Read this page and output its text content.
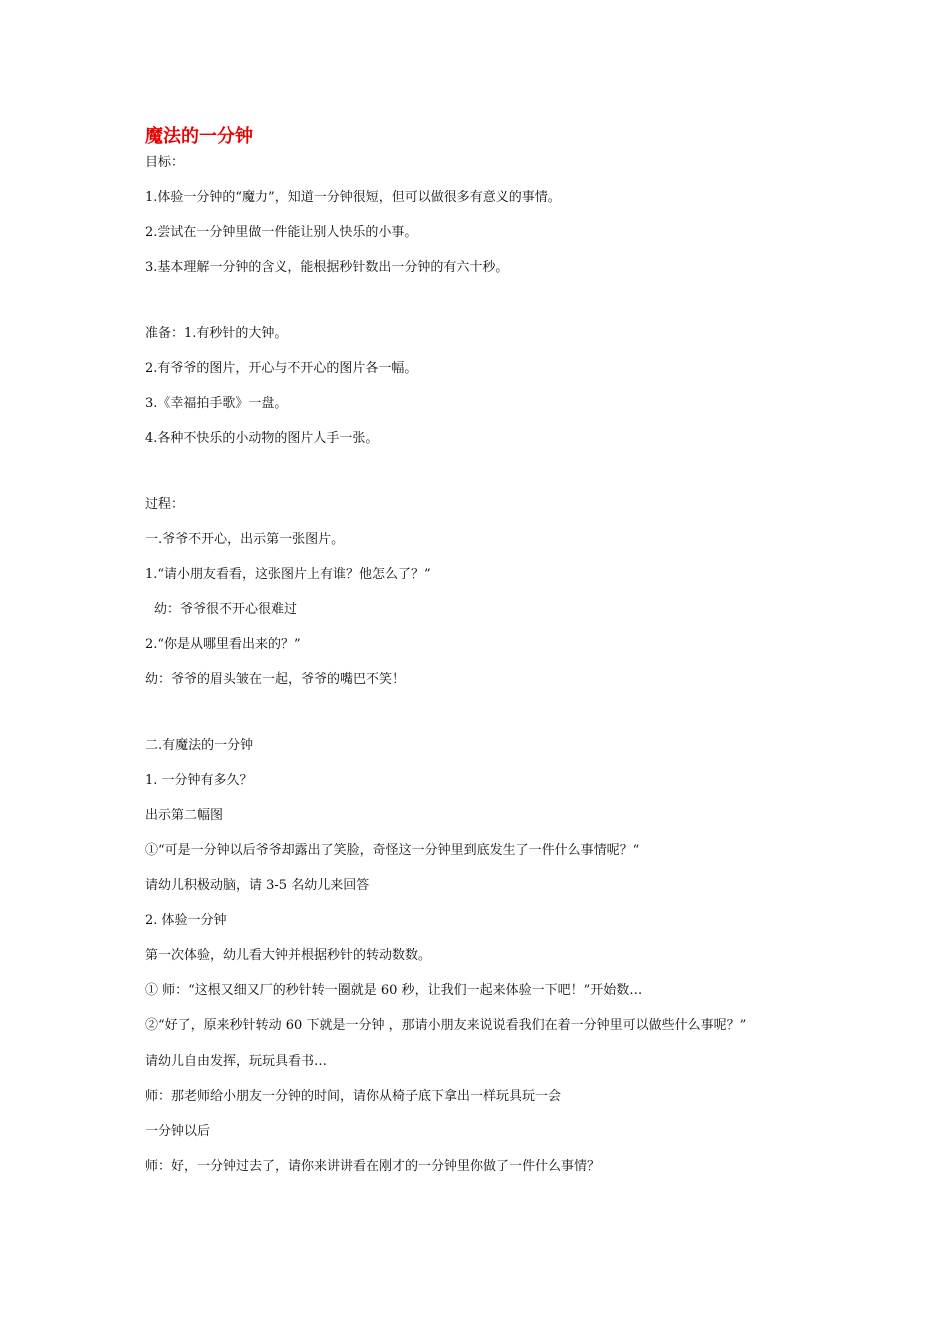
魔法的一分钟

目标：

1.体验一分钟的“魔力”，知道一分钟很短，但可以做很多有意义的事情。

2.尝试在一分钟里做一件能让别人快乐的小事。

3.基本理解一分钟的含义，能根据秒针数出一分钟的有六十秒。

准备：1.有秒针的大钟。

2.有爷爷的图片，开心与不开心的图片各一幅。

3.《幸福拍手歌》一盘。

4.各种不快乐的小动物的图片人手一张。

过程：

一.爷爷不开心，出示第一张图片。

1.“请小朋友看看，这张图片上有谁？他怎么了？”

幼：爷爷很不开心很难过

2.“你是从哪里看出来的？”

幼：爷爷的眉头皱在一起，爷爷的嘴巴不笑！

二.有魔法的一分钟

1. 一分钟有多久？

出示第二幅图

①“可是一分钟以后爷爷却露出了笑脸，奇怪这一分钟里到底发生了一件什么事情呢？“

请幼儿积极动脑，请 3-5 名幼儿来回答

2. 体验一分钟

第一次体验，幼儿看大钟并根据秒针的转动数数。

① 师：“这根又细又厂的秒针转一圈就是 60 秒，让我们一起来体验一下吧！”开始数…

②“好了，原来秒针转动 60 下就是一分钟 ，那请小朋友来说说看我们在着一分钟里可以做些什么事呢？”

请幼儿自由发挥，玩玩具看书…

师：那老师给小朋友一分钟的时间，请你从椅子底下拿出一样玩具玩一会

一分钟以后

师：好，一分钟过去了，请你来讲讲看在刚才的一分钟里你做了一件什么事情？
